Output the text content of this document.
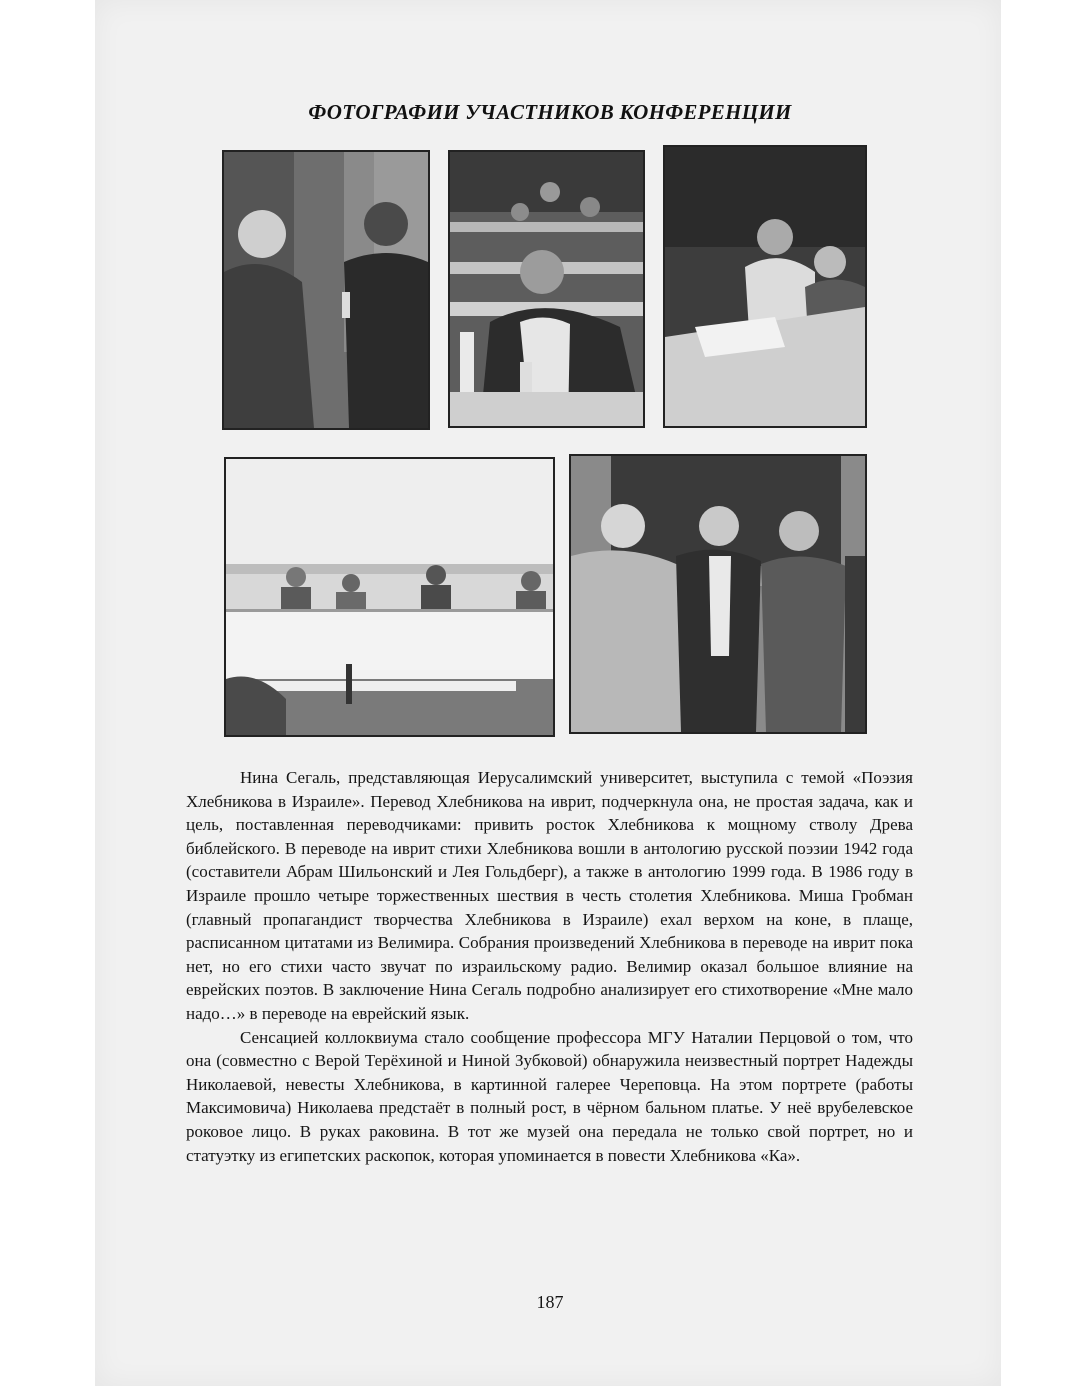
ФОТОГРАФИИ УЧАСТНИКОВ КОНФЕРЕНЦИИ

Нина Сегаль, представляющая Иерусалимский университет, выступила с темой «Поэзия Хлебникова в Израиле». Перевод Хлебникова на иврит, подчеркнула она, не простая задача, как и цель, поставленная переводчиками: привить росток Хлебникова к мощному стволу Древа библейского. В переводе на иврит стихи Хлебникова вошли в антологию русской поэзии 1942 года (составители Абрам Шильонский и Лея Гольдберг), а также в антологию 1999 года. В 1986 году в Израиле прошло четыре торжественных шествия в честь столетия Хлебникова. Миша Гробман (главный пропагандист творчества Хлебникова в Израиле) ехал верхом на коне, в плаще, расписанном цитатами из Велимира. Собрания произведений Хлебникова в переводе на иврит пока нет, но его стихи часто звучат по израильскому радио. Велимир оказал большое влияние на еврейских поэтов. В заключение Нина Сегаль подробно анализирует его стихотворение «Мне мало надо…» в переводе на еврейский язык.

Сенсацией коллоквиума стало сообщение профессора МГУ Наталии Перцовой о том, что она (совместно с Верой Терёхиной и Ниной Зубковой) обнаружила неизвестный портрет Надежды Николаевой, невесты Хлебникова, в картинной галерее Череповца. На этом портрете (работы Максимовича) Николаева предстаёт в полный рост, в чёрном бальном платье. У неё врубелевское роковое лицо. В руках раковина. В тот же музей она передала не только свой портрет, но и статуэтку из египетских раскопок, которая упоминается в повести Хлебникова «Ка».

187
